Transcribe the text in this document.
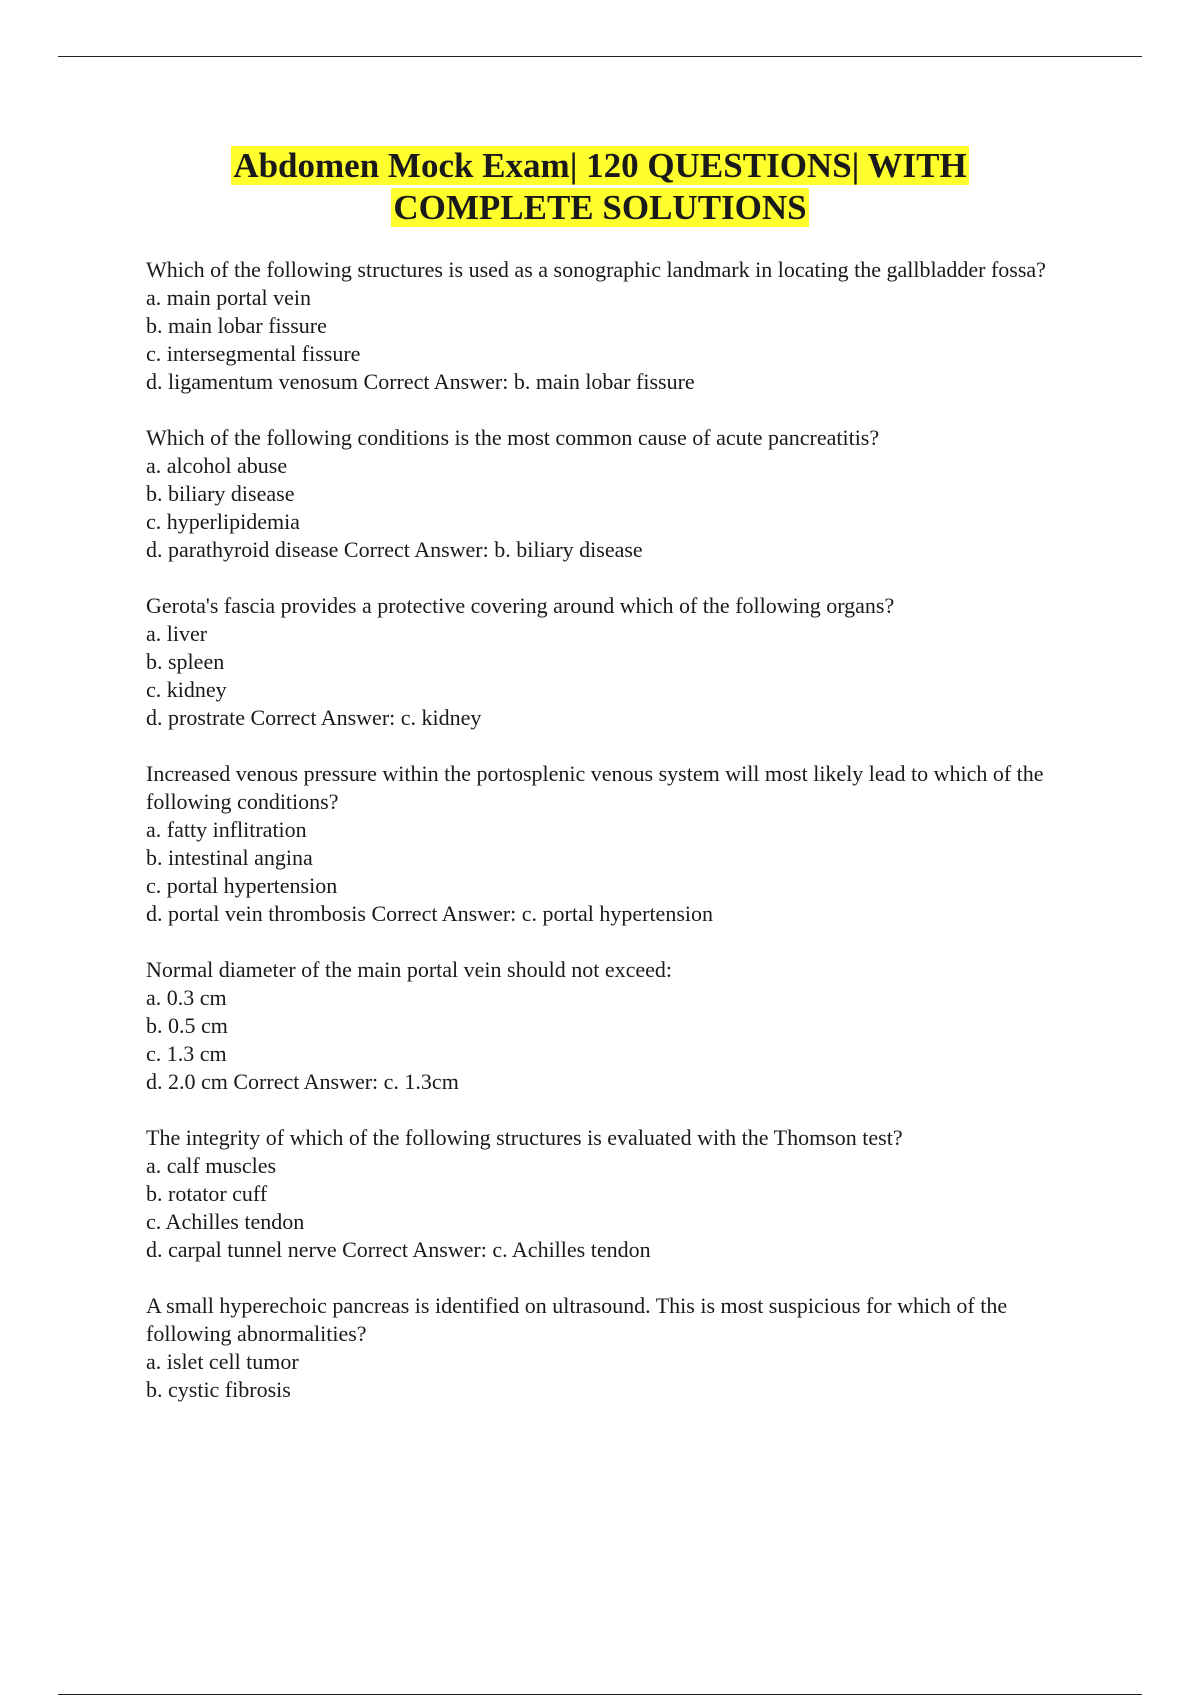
Abdomen Mock Exam| 120 QUESTIONS| WITH
COMPLETE SOLUTIONS
Which of the following structures is used as a sonographic landmark in locating the gallbladder fossa?
a. main portal vein
b. main lobar fissure
c. intersegmental fissure
d. ligamentum venosum Correct Answer: b. main lobar fissure
Which of the following conditions is the most common cause of acute pancreatitis?
a. alcohol abuse
b. biliary disease
c. hyperlipidemia
d. parathyroid disease Correct Answer: b. biliary disease
Gerota's fascia provides a protective covering around which of the following organs?
a. liver
b. spleen
c. kidney
d. prostrate Correct Answer: c. kidney
Increased venous pressure within the portosplenic venous system will most likely lead to which of the following conditions?
a. fatty inflitration
b. intestinal angina
c. portal hypertension
d. portal vein thrombosis Correct Answer: c. portal hypertension
Normal diameter of the main portal vein should not exceed:
a. 0.3 cm
b. 0.5 cm
c. 1.3 cm
d. 2.0 cm Correct Answer: c. 1.3cm
The integrity of which of the following structures is evaluated with the Thomson test?
a. calf muscles
b. rotator cuff
c. Achilles tendon
d. carpal tunnel nerve Correct Answer: c. Achilles tendon
A small hyperechoic pancreas is identified on ultrasound. This is most suspicious for which of the following abnormalities?
a. islet cell tumor
b. cystic fibrosis
